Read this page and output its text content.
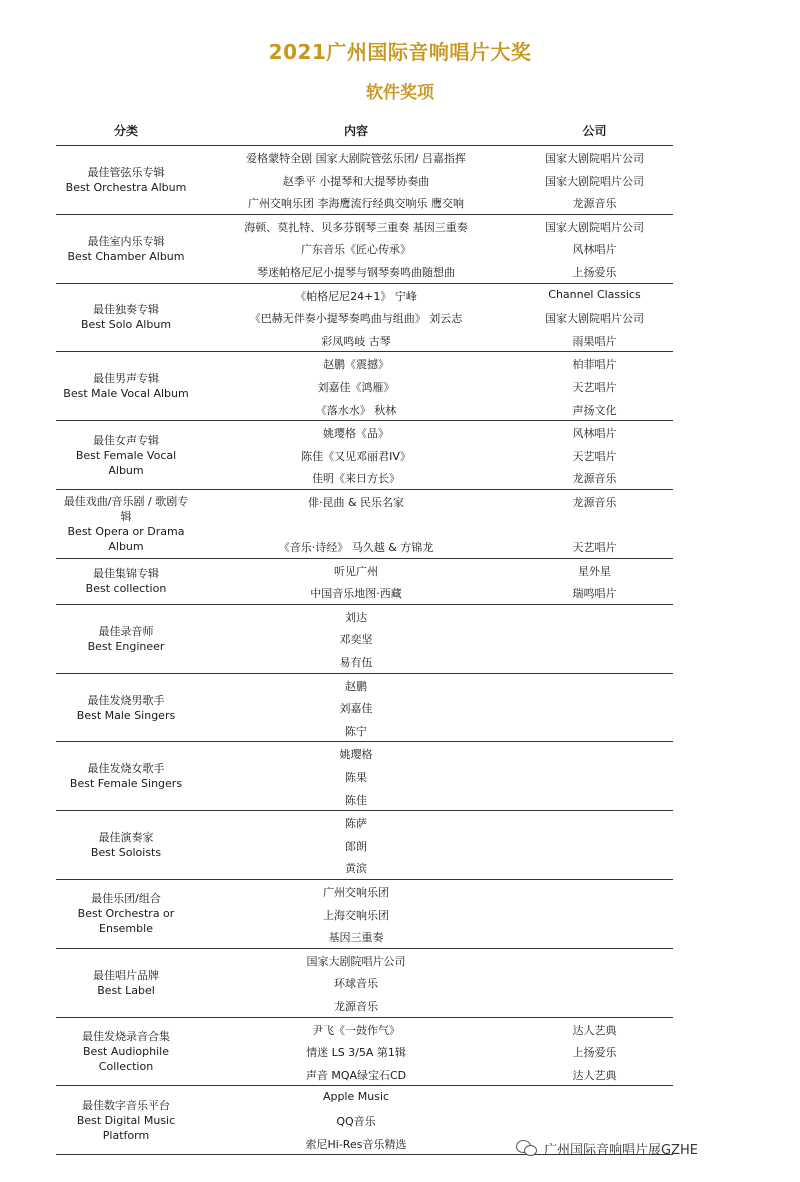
2021广州国际音响唱片大奖
软件奖项
分类	内容	公司
最佳管弦乐专辑
Best Orchestra Album
爱格蒙特全剧 国家大剧院管弦乐团/ 吕嘉指挥	国家大剧院唱片公司
赵季平 小提琴和大提琴协奏曲	国家大剧院唱片公司
广州交响乐团 李海鹰流行经典交响乐 鹰交响	龙源音乐
最佳室内乐专辑
Best Chamber Album
海顿、莫扎特、贝多芬钢琴三重奏 基因三重奏	国家大剧院唱片公司
广东音乐《匠心传承》	风林唱片
琴迷帕格尼尼小提琴与钢琴奏鸣曲随想曲	上扬爱乐
最佳独奏专辑
Best Solo Album
《帕格尼尼24+1》 宁峰	Channel Classics
《巴赫无伴奏小提琴奏鸣曲与组曲》 刘云志	国家大剧院唱片公司
彩凤鸣岐 古琴	雨果唱片
最佳男声专辑
Best Male Vocal Album
赵鹏《震撼》	柏菲唱片
刘嘉佳《鸿雁》	天艺唱片
《落水水》 秋林	声扬文化
最佳女声专辑
Best Female Vocal Album
姚璎格《品》	风林唱片
陈佳《又见邓丽君IV》	天艺唱片
佳明《来日方长》	龙源音乐
最佳戏曲/音乐剧 / 歌剧专辑
Best Opera or Drama Album
俳·昆曲 & 民乐名家	龙源音乐
《音乐·诗经》 马久越 & 方锦龙	天艺唱片
最佳集锦专辑
Best collection
听见广州	星外星
中国音乐地图·西藏	瑞鸣唱片
最佳录音师
Best Engineer
刘达
邓奕坚
易有伍
最佳发烧男歌手
Best Male Singers
赵鹏
刘嘉佳
陈宁
最佳发烧女歌手
Best Female Singers
姚璎格
陈果
陈佳
最佳演奏家
Best Soloists
陈萨
郎朗
黄滨
最佳乐团/组合
Best Orchestra or Ensemble
广州交响乐团
上海交响乐团
基因三重奏
最佳唱片品牌
Best Label
国家大剧院唱片公司
环球音乐
龙源音乐
最佳发烧录音合集
Best Audiophile Collection
尹飞《一鼓作气》	达人艺典
情迷 LS 3/5A 第1辑	上扬爱乐
声音 MQA绿宝石CD	达人艺典
最佳数字音乐平台
Best Digital Music Platform
Apple Music
QQ音乐
索尼Hi-Res音乐精选	广州国际音响唱片展GZHE
